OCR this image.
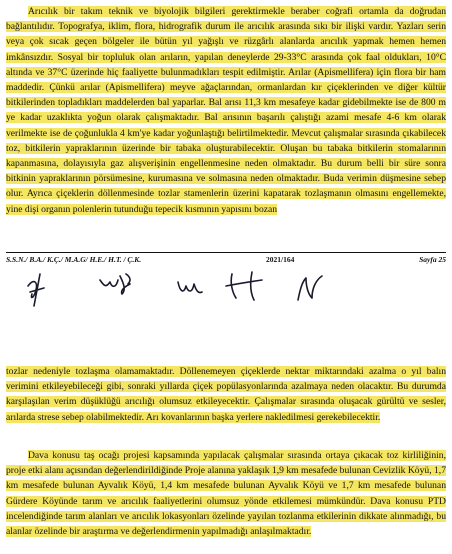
Arıcılık bir takım teknik ve biyolojik bilgileri gerektirmekle beraber coğrafi ortamla da doğrudan bağlantılıdır. Topografya, iklim, flora, hidrografik durum ile arıcılık arasında sıkı bir ilişki vardır. Yazları serin veya çok sıcak geçen bölgeler ile bütün yıl yağışlı ve rüzgârlı alanlarda arıcılık yapmak hemen hemen imkânsızdır. Sosyal bir topluluk olan arıların, yapılan deneylerde 29-33°C arasında çok faal oldukları, 10°C altında ve 37°C üzerinde hiç faaliyette bulunmadıkları tespit edilmiştir. Arılar (Apismellifera) için flora bir ham maddedir. Çünkü arılar (Apismellifera) meyve ağaçlarından, ormanlardan kır çiçeklerinden ve diğer kültür bitkilerinden topladıkları maddelerden bal yaparlar. Bal arısı 11,3 km mesafeye kadar gidebilmekte ise de 800 m ye kadar uzaklıkta yoğun olarak çalışmaktadır. Bal arısının başarılı çalıştığı azami mesafe 4-6 km olarak verilmekte ise de çoğunlukla 4 km'ye kadar yoğunlaştığı belirtilmektedir. Mevcut çalışmalar sırasında çıkabilecek toz, bitkilerin yapraklarının üzerinde bir tabaka oluşturabilecektir. Oluşan bu tabaka bitkilerin stomalarının kapanmasına, dolayısıyla gaz alışverişinin engellenmesine neden olmaktadır. Bu durum belli bir süre sonra bitkinin yapraklarının pörsümesine, kurumasına ve solmasına neden olmaktadır. Buda verimin düşmesine sebep olur. Ayrıca çiçeklerin döllenmesinde tozlar stamenlerin üzerini kapatarak tozlaşmanın olmasını engellemekte, yine dişi organın polenlerin tutunduğu tepecik kısmının yapısını bozan
S.S.N./ B.A./ K.Ç./ M.A.G/ H.E./ H.T. / Ç.K.	2021/164	Sayfa 25
tozlar nedeniyle tozlaşma olamamaktadır. Döllenemeyen çiçeklerde nektar miktarındaki azalma o yıl balın verimini etkileyebileceği gibi, sonraki yıllarda çiçek popülasyonlarında azalmaya neden olacaktır. Bu durumda karşılaşılan verim düşüklüğü arıcılığı olumsuz etkileyecektir. Çalışmalar sırasında oluşacak gürültü ve sesler, arılarda strese sebep olabilmektedir. Arı kovanlarının başka yerlere nakledilmesi gerekebilecektir.
Dava konusu taş ocağı projesi kapsamında yapılacak çalışmalar sırasında ortaya çıkacak toz kirliliğinin, proje etki alanı açısından değerlendirildiğinde Proje alanına yaklaşık 1,9 km mesafede bulunan Cevizlik Köyü, 1,7 km mesafede bulunan Ayvalık Köyü, 1,4 km mesafede bulunan Ayvalık Köyü ve 1,7 km mesafede bulunan Gürdere Köyünde tarım ve arıcılık faaliyetlerini olumsuz yönde etkilemesi mümkündür. Dava konusu PTD incelendiğinde tarım alanları ve arıcılık lokasyonları özelinde yayılan tozlanma etkilerinin dikkate alınmadığı, bu alanlar özelinde bir araştırma ve değerlendirmenin yapılmadığı anlaşılmaktadır.
